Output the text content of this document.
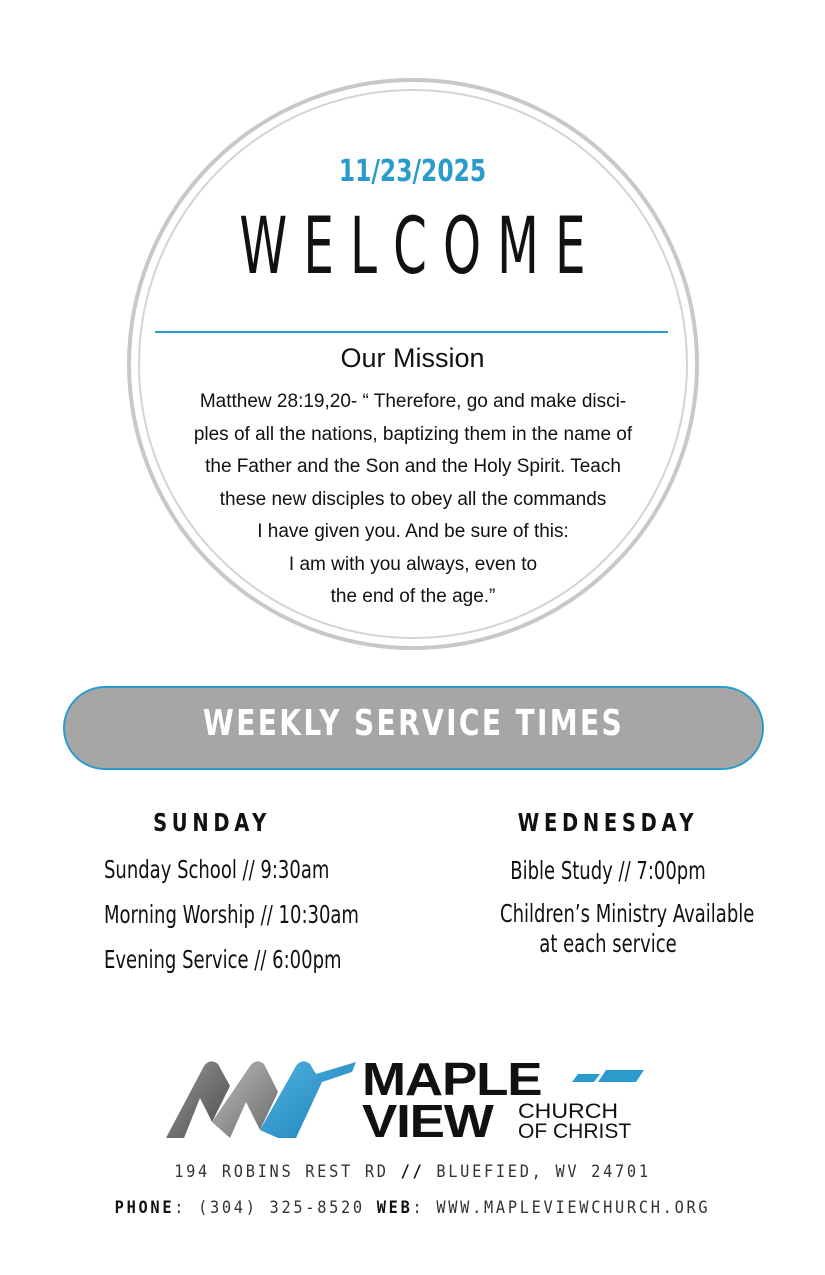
11/23/2025
WELCOME
Our Mission
Matthew 28:19,20- “ Therefore, go and make disci-
ples of all the nations, baptizing them in the name of
the Father and the Son and the Holy Spirit. Teach
these new disciples to obey all the commands
I have given you. And be sure of this:
I am with you always, even to
the end of the age.”
WEEKLY SERVICE TIMES
SUNDAY
Sunday School // 9:30am
Morning Worship // 10:30am
Evening Service // 6:00pm
WEDNESDAY
Bible Study // 7:00pm
Children’s Ministry Available
at each service
MAPLE
VIEW CHURCH
OF CHRIST
194 ROBINS REST RD // BLUEFIED, WV 24701
PHONE: (304) 325-8520 WEB: WWW.MAPLEVIEWCHURCH.ORG
